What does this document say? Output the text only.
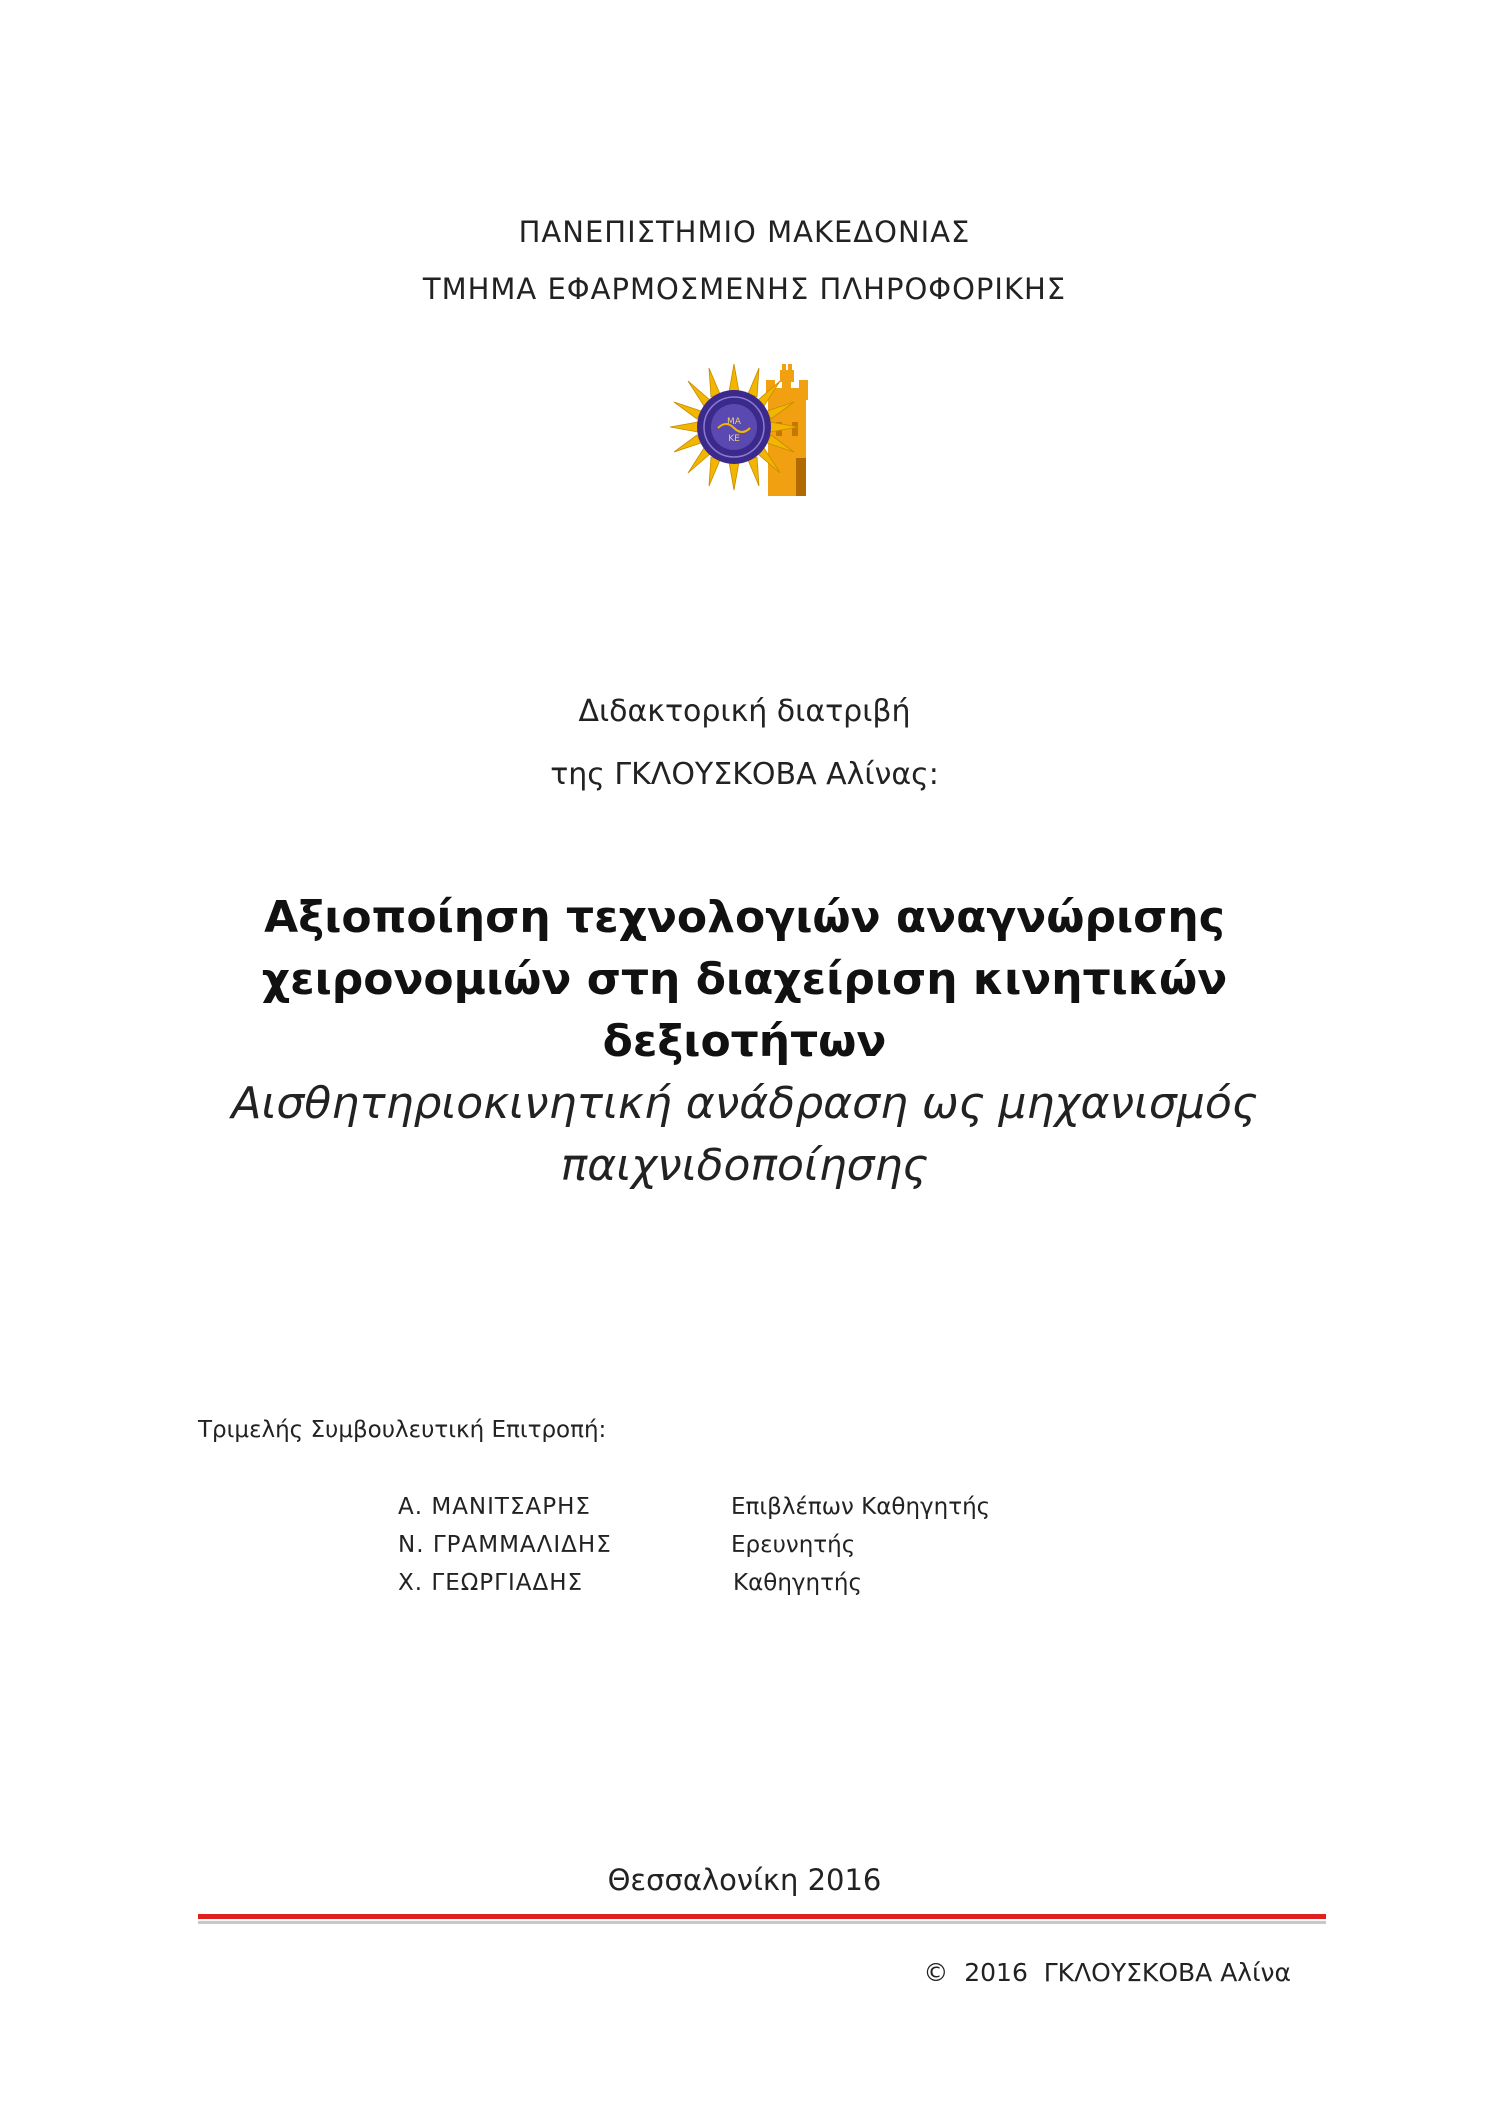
ΠΑΝΕΠΙΣΤΗΜΙΟ ΜΑΚΕΔΟΝΙΑΣ
ΤΜΗΜΑ ΕΦΑΡΜΟΣΜΕΝΗΣ ΠΛΗΡΟΦΟΡΙΚΗΣ
ΜΑ
ΚΕ
Διδακτορική διατριβή
της ΓΚΛΟΥΣΚΟΒΑ Αλίνας:
Αξιοποίηση τεχνολογιών αναγνώρισης
χειρονομιών στη διαχείριση κινητικών
δεξιοτήτων
Αισθητηριοκινητική ανάδραση ως μηχανισμός
παιχνιδοποίησης
Τριμελής Συμβουλευτική Επιτροπή:
Α. ΜΑΝΙΤΣΑΡΗΣ	Επιβλέπων Καθηγητής
Ν. ΓΡΑΜΜΑΛΙΔΗΣ	Ερευνητής
Χ. ΓΕΩΡΓΙΑΔΗΣ	Καθηγητής
Θεσσαλονίκη 2016
©  2016  ΓΚΛΟΥΣΚΟΒΑ Αλίνα
